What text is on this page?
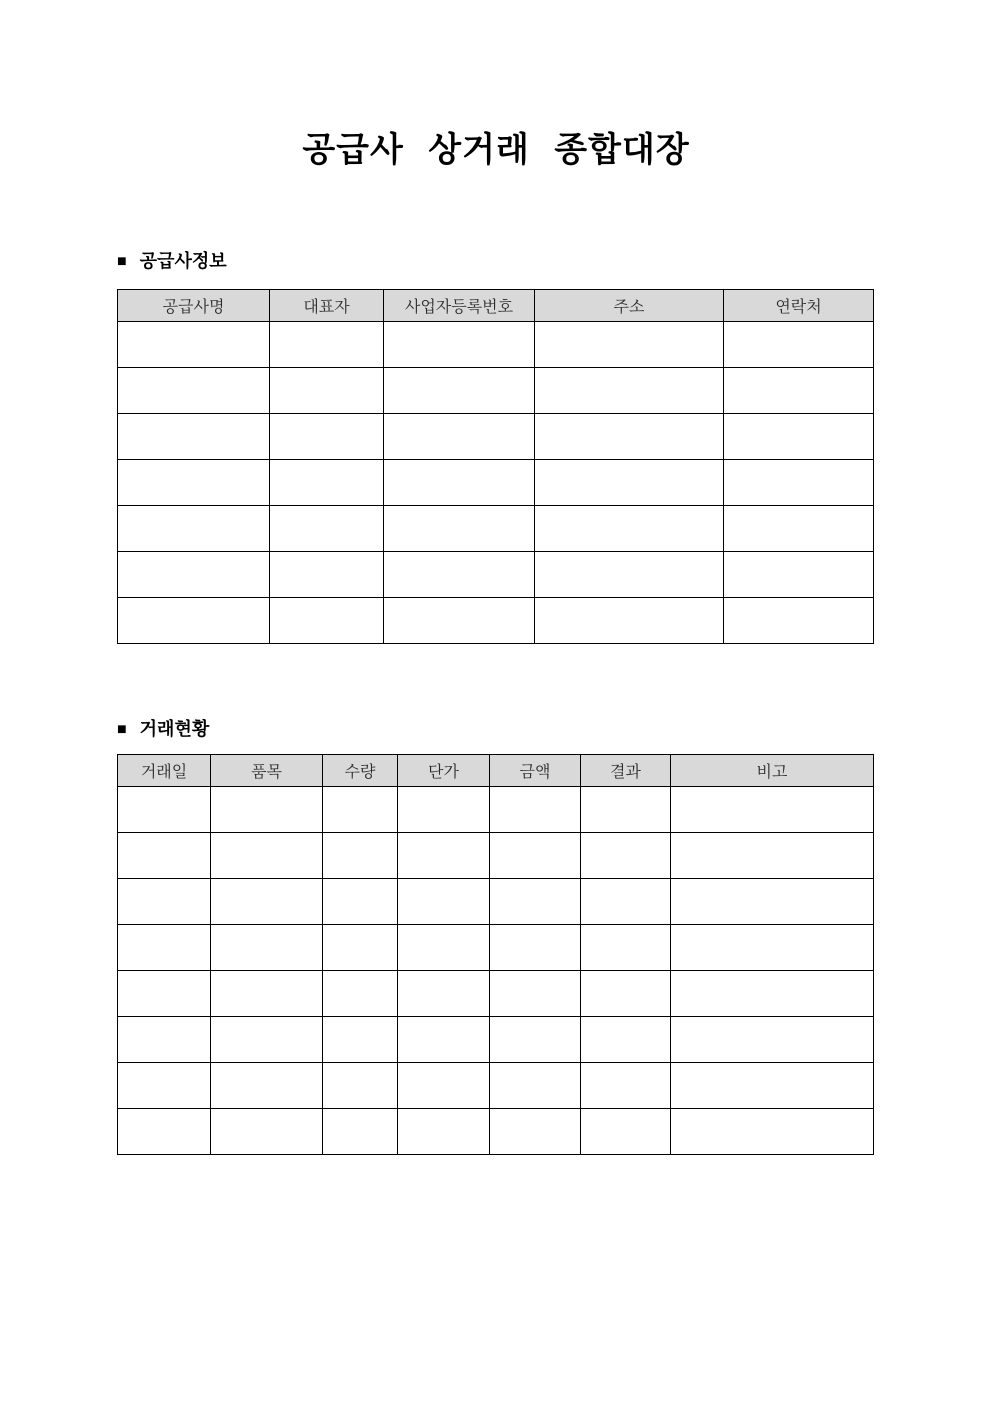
공급사 상거래 종합대장
■ 공급사정보
공급사명	대표자	사업자등록번호	주소	연락처

■ 거래현황
거래일	품목	수량	단가	금액	결과	비고
